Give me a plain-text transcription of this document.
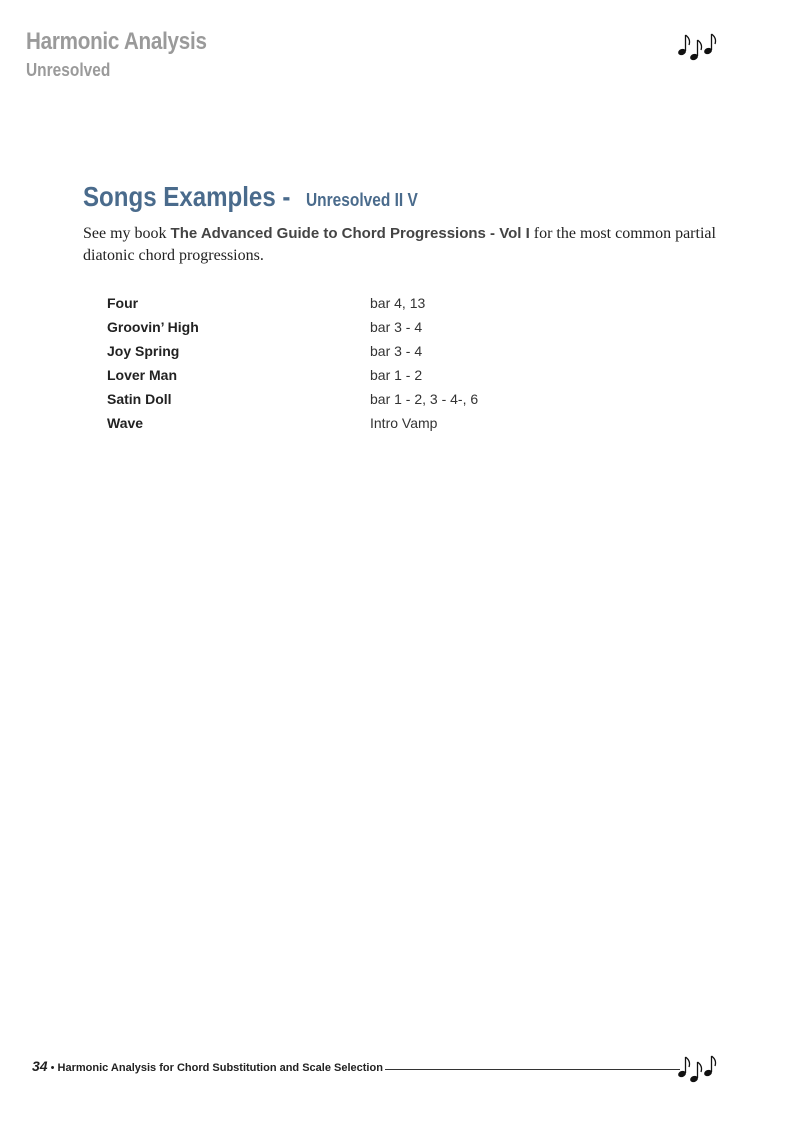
Harmonic Analysis
Unresolved
Songs Examples -Unresolved II V
See my book The Advanced Guide to Chord Progressions - Vol I for the most common partial diatonic chord progressions.
Four	bar 4, 13
Groovin’ High	bar 3 - 4
Joy Spring	bar 3 - 4
Lover Man	bar 1 - 2
Satin Doll	bar 1 - 2, 3 - 4-, 6
Wave	Intro Vamp
34 • Harmonic Analysis for Chord Substitution and Scale Selection
